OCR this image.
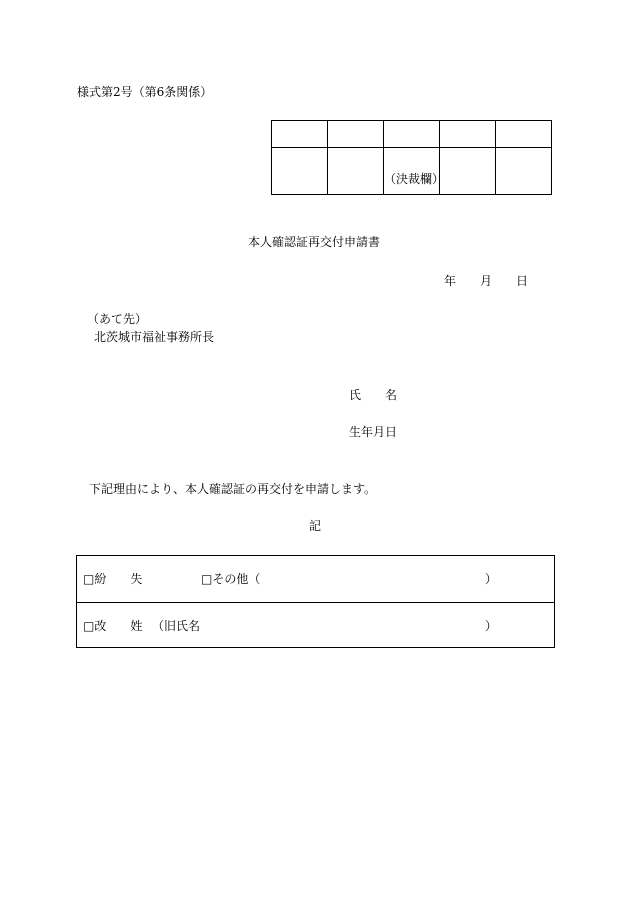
様式第2号（第6条関係）

		（決裁欄）		
本人確認証再交付申請書
年 月 日
（あて先）
北茨城市福祉事務所長
氏　　名
生年月日
下記理由により、本人確認証の再交付を申請します。
記
□紛　　失	□その他（	）
□改　　姓 （旧氏名	）
